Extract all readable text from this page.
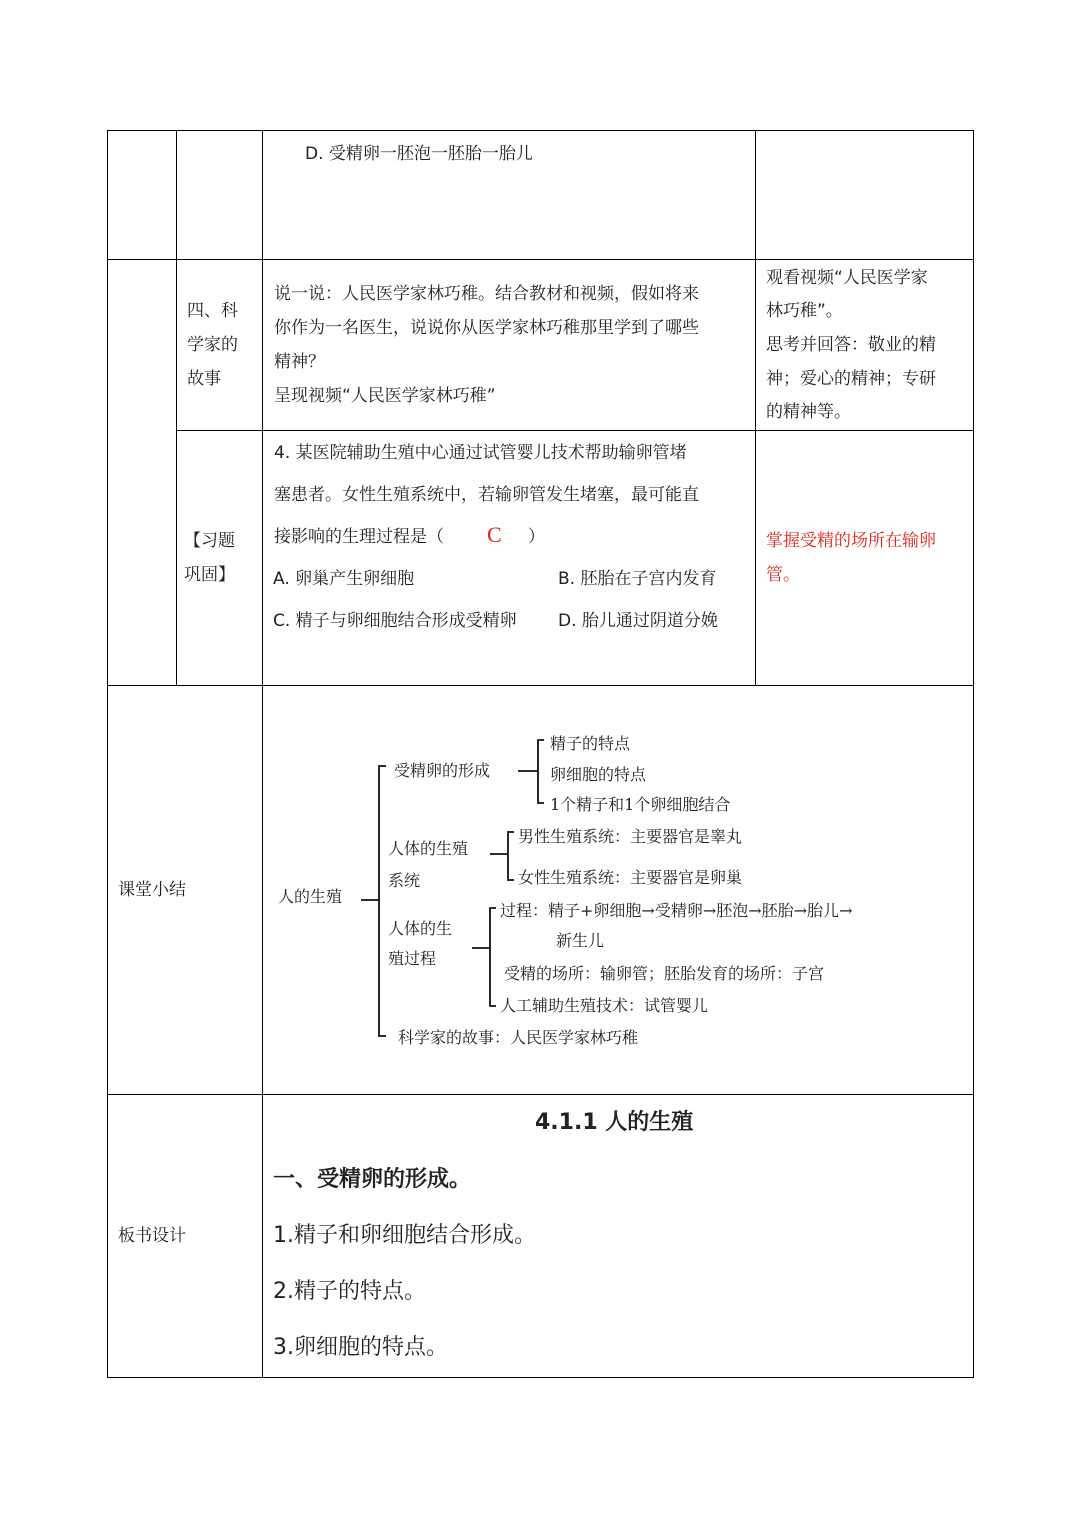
D. 受精卵一胚泡一胚胎一胎儿
四、科
学家的
故事
说一说：人民医学家林巧稚。结合教材和视频，假如将来
你作为一名医生，说说你从医学家林巧稚那里学到了哪些
精神？
呈现视频“人民医学家林巧稚”
观看视频“人民医学家
林巧稚”。
思考并回答：敬业的精
神；爱心的精神；专研
的精神等。
【习题
巩固】
4. 某医院辅助生殖中心通过试管婴儿技术帮助输卵管堵
塞患者。女性生殖系统中，若输卵管发生堵塞，最可能直
接影响的生理过程是（ C ）
A. 卵巢产生卵细胞	B. 胚胎在子宫内发育
C. 精子与卵细胞结合形成受精卵 D. 胎儿通过阴道分娩
掌握受精的场所在输卵
管。
课堂小结	人的生殖
受精卵的形成
人体的生殖
系统
人体的生
殖过程
科学家的故事：人民医学家林巧稚
精子的特点
卵细胞的特点
1个精子和1个卵细胞结合
男性生殖系统：主要器官是睾丸
女性生殖系统：主要器官是卵巢
过程：精子+卵细胞→受精卵→胚泡→胚胎→胎儿→
新生儿
受精的场所：输卵管；胚胎发育的场所：子宫
人工辅助生殖技术：试管婴儿
板书设计
4.1.1 人的生殖
一、受精卵的形成。
1.精子和卵细胞结合形成。
2.精子的特点。
3.卵细胞的特点。
